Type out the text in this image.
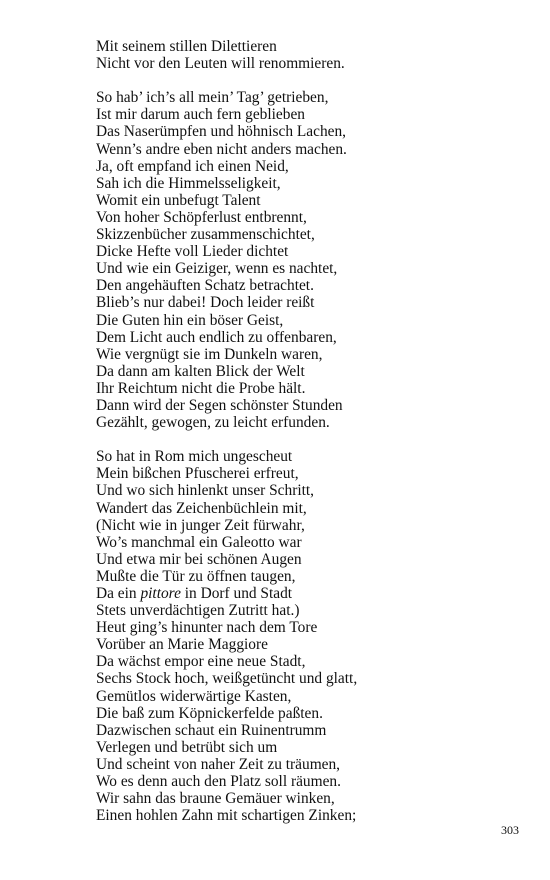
Mit seinem stillen Dilettieren
Nicht vor den Leuten will renommieren.
So hab’ ich’s all mein’ Tag’ getrieben,
Ist mir darum auch fern geblieben
Das Naserümpfen und höhnisch Lachen,
Wenn’s andre eben nicht anders machen.
Ja, oft empfand ich einen Neid,
Sah ich die Himmelsseligkeit,
Womit ein unbefugt Talent
Von hoher Schöpferlust entbrennt,
Skizzenbücher zusammenschichtet,
Dicke Hefte voll Lieder dichtet
Und wie ein Geiziger, wenn es nachtet,
Den angehäuften Schatz betrachtet.
Blieb’s nur dabei! Doch leider reißt
Die Guten hin ein böser Geist,
Dem Licht auch endlich zu offenbaren,
Wie vergnügt sie im Dunkeln waren,
Da dann am kalten Blick der Welt
Ihr Reichtum nicht die Probe hält.
Dann wird der Segen schönster Stunden
Gezählt, gewogen, zu leicht erfunden.
So hat in Rom mich ungescheut
Mein bißchen Pfuscherei erfreut,
Und wo sich hinlenkt unser Schritt,
Wandert das Zeichenbüchlein mit,
(Nicht wie in junger Zeit fürwahr,
Wo’s manchmal ein Galeotto war
Und etwa mir bei schönen Augen
Mußte die Tür zu öffnen taugen,
Da ein pittore in Dorf und Stadt
Stets unverdächtigen Zutritt hat.)
Heut ging’s hinunter nach dem Tore
Vorüber an Marie Maggiore
Da wächst empor eine neue Stadt,
Sechs Stock hoch, weißgetüncht und glatt,
Gemütlos widerwärtige Kasten,
Die baß zum Köpnickerfelde paßten.
Dazwischen schaut ein Ruinentrumm
Verlegen und betrübt sich um
Und scheint von naher Zeit zu träumen,
Wo es denn auch den Platz soll räumen.
Wir sahn das braune Gemäuer winken,
Einen hohlen Zahn mit schartigen Zinken;
303
